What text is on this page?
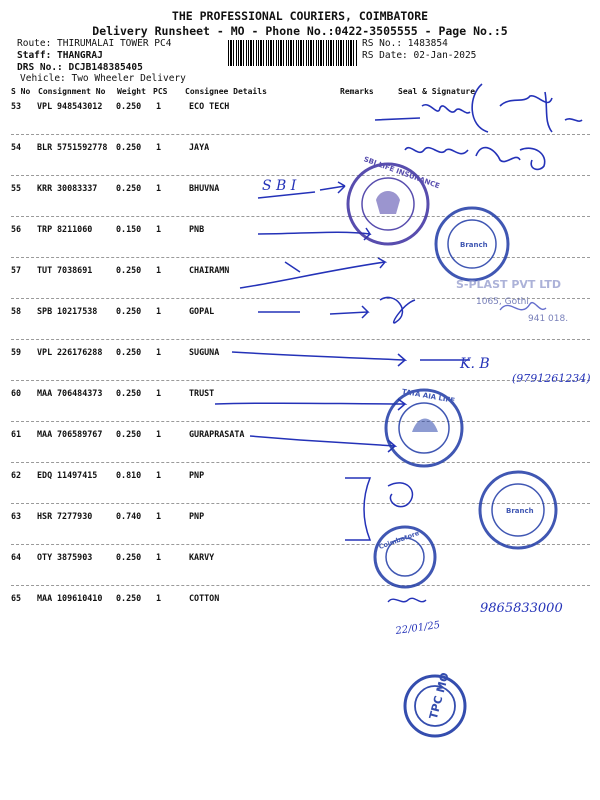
THE PROFESSIONAL COURIERS, COIMBATORE
Delivery Runsheet - MO - Phone No.:0422-3505555 - Page No.:5
Route: THIRUMALAI TOWER PC4
Staff: THANGRAJ
DRS No.: DCJB148385405
Vehicle: Two Wheeler Delivery
RS No.: 1483854
RS Date: 02-Jan-2025
S No Consignment No Weight PCS Consignee Details	Remarks	Seal & Signature
53 VPL 948543012 0.250 1	ECO TECH
54 BLR 5751592778 0.250 1	JAYA
55 KRR 30083337 0.250 1	BHUVNA
56 TRP 8211060	0.150 1	PNB
57 TUT 7038691	0.250 1	CHAIRAMN
58 SPB 10217538 0.250 1	GOPAL
59 VPL 226176288 0.250 1	SUGUNA
60 MAA 706484373 0.250 1	TRUST
61 MAA 706589767 0.250 1	GURAPRASATA
62 EDQ 11497415 0.810 1	PNP
63 HSR 7277930	0.740 1	PNP
64 OTY 3875903	0.250 1	KARVY
65 MAA 109610410 0.250 1	COTTON
S B I
K. B
(9791261234)
22/01/25
9865833000
SBI LIFE INSURANCE
Branch
S-PLAST PVT LTD
1065, Gothi
941 018.
TATA AIA LIFE
Branch
Coimbatore
TPC MO
